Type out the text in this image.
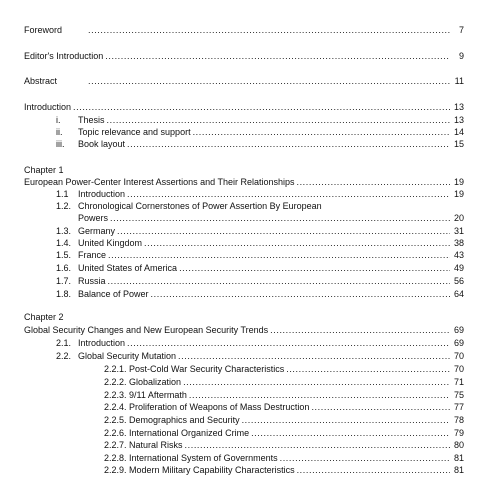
Foreword .....	7
Editor's Introduction .....	9
Abstract .....	11
Introduction .....	13
i.	Thesis .....	13
ii.	Topic relevance and support .....	14
iii.	Book layout .....	15
Chapter 1
European Power-Center Interest Assertions and Their Relationships .....	19
1.1	Introduction .....	19
1.2. Chronological Cornerstones of Power Assertion By European
Powers .....	20
1.3. Germany .....	31
1.4. United Kingdom .....	38
1.5. France .....	43
1.6. United States of America .....	49
1.7. Russia .....	56
1.8. Balance of Power .....	64
Chapter 2
Global Security Changes and New European Security Trends .....	69
2.1. Introduction .....	69
2.2. Global Security Mutation .....	70
2.2.1. Post-Cold War Security Characteristics .....	70
2.2.2. Globalization .....	71
2.2.3. 9/11 Aftermath .....	75
2.2.4. Proliferation of Weapons of Mass Destruction .....	77
2.2.5. Demographics and Security .....	78
2.2.6. International Organized Crime .....	79
2.2.7. Natural Risks .....	80
2.2.8. International System of Governments .....	81
2.2.9. Modern Military Capability Characteristics .....	81
